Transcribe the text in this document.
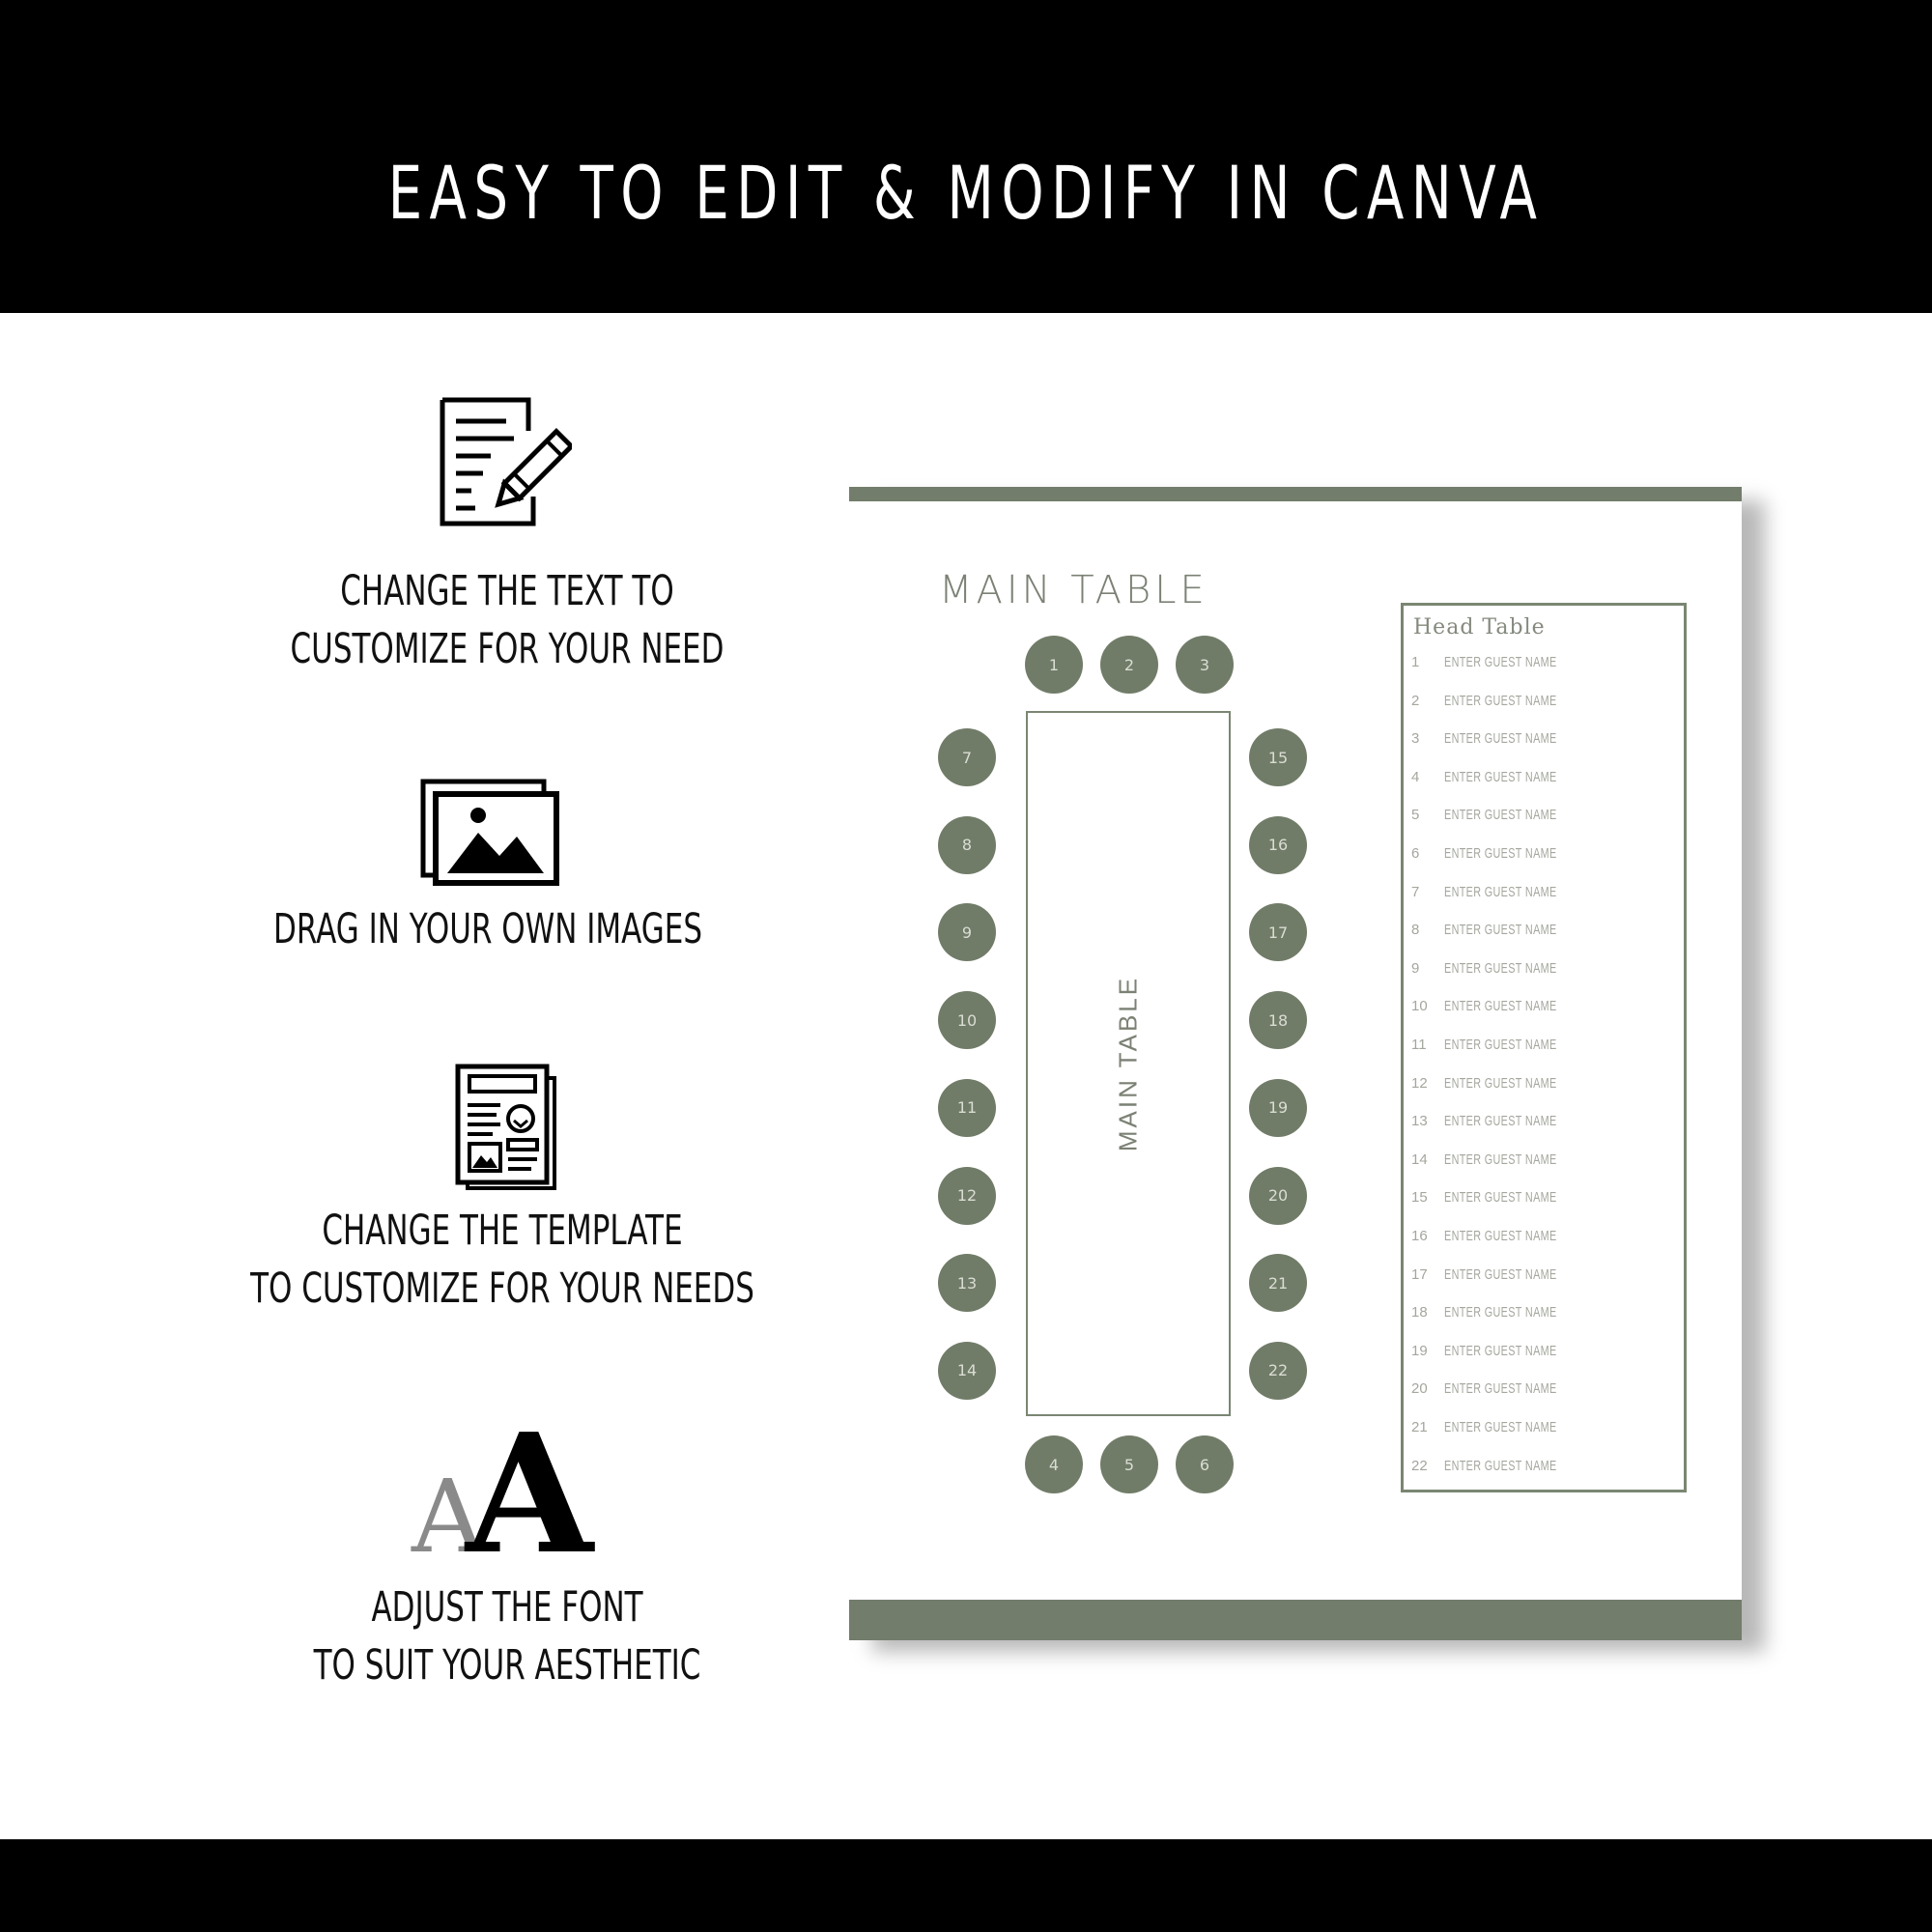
EASY TO EDIT & MODIFY IN CANVA
CHANGE THE TEXT TO
CUSTOMIZE FOR YOUR NEED
DRAG IN YOUR OWN IMAGES
CHANGE THE TEMPLATE
TO CUSTOMIZE FOR YOUR NEEDS
A
A
ADJUST THE FONT
TO SUIT YOUR AESTHETIC
MAIN TABLE
MAIN TABLE
1	2	3
4	5	6
7
8
9
10
11
12
13
14
15
16
17
18
19
20
21
22
Head Table
1	ENTER GUEST NAME
2	ENTER GUEST NAME
3	ENTER GUEST NAME
4	ENTER GUEST NAME
5	ENTER GUEST NAME
6	ENTER GUEST NAME
7	ENTER GUEST NAME
8	ENTER GUEST NAME
9	ENTER GUEST NAME
10	ENTER GUEST NAME
11	ENTER GUEST NAME
12	ENTER GUEST NAME
13	ENTER GUEST NAME
14	ENTER GUEST NAME
15	ENTER GUEST NAME
16	ENTER GUEST NAME
17	ENTER GUEST NAME
18	ENTER GUEST NAME
19	ENTER GUEST NAME
20	ENTER GUEST NAME
21	ENTER GUEST NAME
22	ENTER GUEST NAME
